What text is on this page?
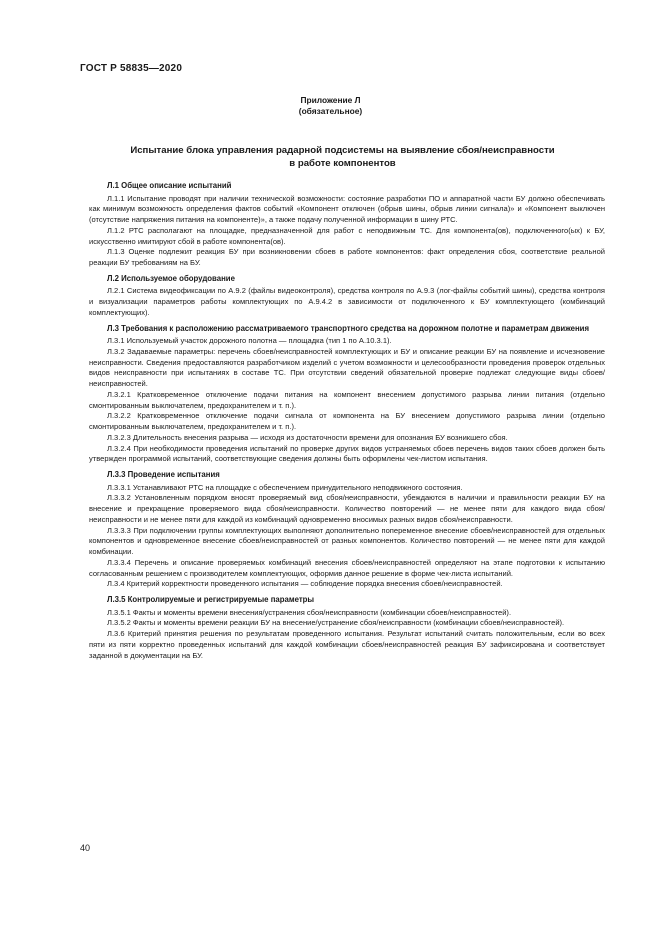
ГОСТ Р 58835—2020
Приложение Л
(обязательное)
Испытание блока управления радарной подсистемы на выявление сбоя/неисправности
в работе компонентов
Л.1 Общее описание испытаний

Л.1.1 Испытание проводят при наличии технической возможности: состояние разработки ПО и аппаратной части БУ должно обеспечивать как минимум возможность определения фактов событий «Компонент отключен (обрыв шины, обрыв линии сигнала)» и «Компонент выключен (отсутствие напряжения питания на компоненте)», а также подачу полученной информации в шину РТС.

Л.1.2 РТС располагают на площадке, предназначенной для работ с неподвижным ТС. Для компонента(ов), подключенного(ых) к БУ, искусственно имитируют сбой в работе компонента(ов).

Л.1.3 Оценке подлежит реакция БУ при возникновении сбоев в работе компонентов: факт определения сбоя, соответствие реальной реакции БУ требованиям на БУ.

Л.2 Используемое оборудование

Л.2.1 Система видеофиксации по А.9.2 (файлы видеоконтроля), средства контроля по А.9.3 (лог-файлы событий шины), средства контроля и визуализации параметров работы комплектующих по А.9.4.2 в зависимости от подключенного к БУ комплектующего (комбинаций комплектующих).

Л.3 Требования к расположению рассматриваемого транспортного средства на дорожном полотне и параметрам движения

Л.3.1 Используемый участок дорожного полотна — площадка (тип 1 по А.10.3.1).

Л.3.2 Задаваемые параметры: перечень сбоев/неисправностей комплектующих и БУ и описание реакции БУ на появление и исчезновение неисправности. Сведения предоставляются разработчиком изделий с учетом возможности и целесообразности проведения проверок отдельных видов неисправности при испытаниях в составе ТС. При отсутствии сведений обязательной проверке подлежат следующие виды сбоев/неисправностей.

Л.3.2.1 Кратковременное отключение подачи питания на компонент внесением допустимого разрыва линии питания (отдельно смонтированным выключателем, предохранителем и т. п.).

Л.3.2.2 Кратковременное отключение подачи сигнала от компонента на БУ внесением допустимого разрыва линии (отдельно смонтированным выключателем, предохранителем и т. п.).

Л.3.2.3 Длительность внесения разрыва — исходя из достаточности времени для опознания БУ возникшего сбоя.

Л.3.2.4 При необходимости проведения испытаний по проверке других видов устраняемых сбоев перечень видов таких сбоев должен быть утвержден программой испытаний, соответствующие сведения должны быть оформлены чек-листом испытания.

Л.3.3 Проведение испытания

Л.3.3.1 Устанавливают РТС на площадке с обеспечением принудительного неподвижного состояния.

Л.3.3.2 Установленным порядком вносят проверяемый вид сбоя/неисправности, убеждаются в наличии и правильности реакции БУ на внесение и прекращение проверяемого вида сбоя/неисправности. Количество повторений — не менее пяти для каждого вида сбоя/неисправности и не менее пяти для каждой из комбинаций одновременно вносимых разных видов сбоя/неисправности.

Л.3.3.3 При подключении группы комплектующих выполняют дополнительно попеременное внесение сбоев/неисправностей для отдельных компонентов и одновременное внесение сбоев/неисправностей от разных компонентов. Количество повторений — не менее пяти для каждой комбинации.

Л.3.3.4 Перечень и описание проверяемых комбинаций внесения сбоев/неисправностей определяют на этапе подготовки к испытанию согласованным решением с производителем комплектующих, оформив данное решение в форме чек-листа испытаний.

Л.3.4 Критерий корректности проведенного испытания — соблюдение порядка внесения сбоев/неисправностей.

Л.3.5 Контролируемые и регистрируемые параметры

Л.3.5.1 Факты и моменты времени внесения/устранения сбоя/неисправности (комбинации сбоев/неисправностей).

Л.3.5.2 Факты и моменты времени реакции БУ на внесение/устранение сбоя/неисправности (комбинации сбоев/неисправностей).

Л.3.6 Критерий принятия решения по результатам проведенного испытания. Результат испытаний считать положительным, если во всех пяти из пяти корректно проведенных испытаний для каждой комбинации сбоев/неисправностей реакция БУ зафиксирована и соответствует заданной в документации на БУ.

40
